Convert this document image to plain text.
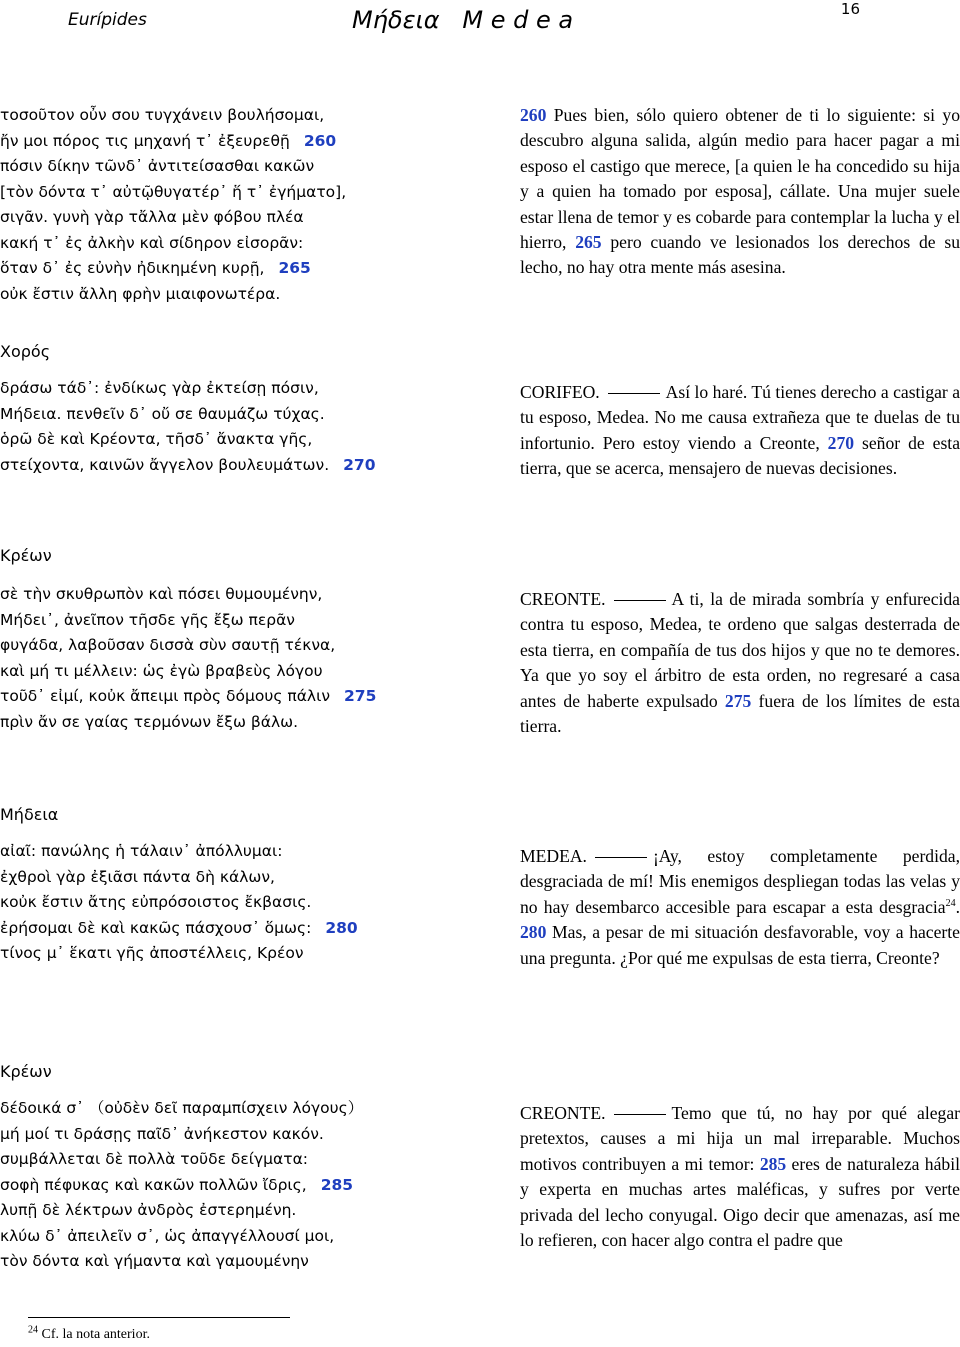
Eurípides	Μήδεια   M e d e a	16
τοσοῦτον οὖν σου τυγχάνειν βουλήσομαι,
ἤν μοι πόρος τις μηχανή τ᾽ ἐξευρεθῇ 260
πόσιν δίκην τῶνδ᾽ ἀντιτείσασθαι κακῶν
[τὸν δόντα τ᾽ αὐτῷθυγατέρ᾽ ἥ τ᾽ ἐγήματο],
σιγᾶν. γυνὴ γὰρ τἄλλα μὲν φόβου πλέα
κακή τ᾽ ἐς ἀλκὴν καὶ σίδηρον εἰσορᾶν:
ὅταν δ᾽ ἐς εὐνὴν ἠδικημένη κυρῇ, 265
οὐκ ἔστιν ἄλλη φρὴν μιαιφονωτέρα.
260 Pues bien, sólo quiero obtener de ti lo siguiente: si yo descubro alguna salida, algún medio para hacer pagar a mi esposo el castigo que merece, [a quien le ha concedido su hija y a quien ha tomado por esposa], cállate. Una mujer suele estar llena de temor y es cobarde para contemplar la lucha y el hierro, 265 pero cuando ve lesionados los derechos de su lecho, no hay otra mente más asesina.
Χορός
δράσω τάδ᾽: ἐνδίκως γὰρ ἐκτείσῃ πόσιν,
Μήδεια. πενθεῖν δ᾽ οὔ σε θαυμάζω τύχας.
ὁρῶ δὲ καὶ Κρέοντα, τῆσδ᾽ ἄνακτα γῆς,
στείχοντα, καινῶν ἄγγελον βουλευμάτων. 270
CORIFEO.	Así lo haré. Tú tienes derecho a castigar a tu esposo, Medea. No me causa extrañeza que te duelas de tu infortunio. Pero estoy viendo a Creonte, 270 señor de esta tierra, que se acerca, mensajero de nuevas decisiones.
Κρέων
σὲ τὴν σκυθρωπὸν καὶ πόσει θυμουμένην,
Μήδει᾽, ἀνεῖπον τῆσδε γῆς ἔξω περᾶν
φυγάδα, λαβοῦσαν δισσὰ σὺν σαυτῇ τέκνα,
καὶ μή τι μέλλειν: ὡς ἐγὼ βραβεὺς λόγου
τοῦδ᾽ εἰμί, κοὐκ ἄπειμι πρὸς δόμους πάλιν 275
πρὶν ἄν σε γαίας τερμόνων ἔξω βάλω.
CREONTE.	A ti, la de mirada sombría y enfurecida contra tu esposo, Medea, te ordeno que salgas desterrada de esta tierra, en compañía de tus dos hijos y que no te demores. Ya que yo soy el árbitro de esta orden, no regresaré a casa antes de haberte expulsado 275 fuera de los límites de esta tierra.
Μήδεια
αἰαῖ: πανώλης ἡ τάλαιν᾽ ἀπόλλυμαι:
ἐχθροὶ γὰρ ἐξιᾶσι πάντα δὴ κάλων,
κοὐκ ἔστιν ἄτης εὐπρόσοιστος ἔκβασις.
ἐρήσομαι δὲ καὶ κακῶς πάσχουσ᾽ ὅμως: 280
τίνος μ᾽ ἕκατι γῆς ἀποστέλλεις, Κρέον
MEDEA.	¡Ay, estoy completamente perdida, desgraciada de mí! Mis enemigos despliegan todas las velas y no hay desembarco accesible para escapar a esta desgracia$^{24}$. 280 Mas, a pesar de mi situación desfavorable, voy a hacerte una pregunta. ¿Por qué me expulsas de esta tierra, Creonte?
Κρέων
δέδοικά σ᾽ （οὐδὲν δεῖ παραμπίσχειν λόγους）
μή μοί τι δράσῃς παῖδ᾽ ἀνήκεστον κακόν.
συμβάλλεται δὲ πολλὰ τοῦδε δείγματα:
σοφὴ πέφυκας καὶ κακῶν πολλῶν ἴδρις, 285
λυπῇ δὲ λέκτρων ἀνδρὸς ἐστερημένη.
κλύω δ᾽ ἀπειλεῖν σ᾽, ὡς ἀπαγγέλλουσί μοι,
τὸν δόντα καὶ γήμαντα καὶ γαμουμένην
CREONTE.	Temo que tú, no hay por qué alegar pretextos, causes a mi hija un mal irreparable. Muchos motivos contribuyen a mi temor: 285 eres de naturaleza hábil y experta en muchas artes maléficas, y sufres por verte privada del lecho conyugal. Oigo decir que amenazas, así me lo refieren, con hacer algo contra el padre que
$^{24}$ Cf. la nota anterior.
